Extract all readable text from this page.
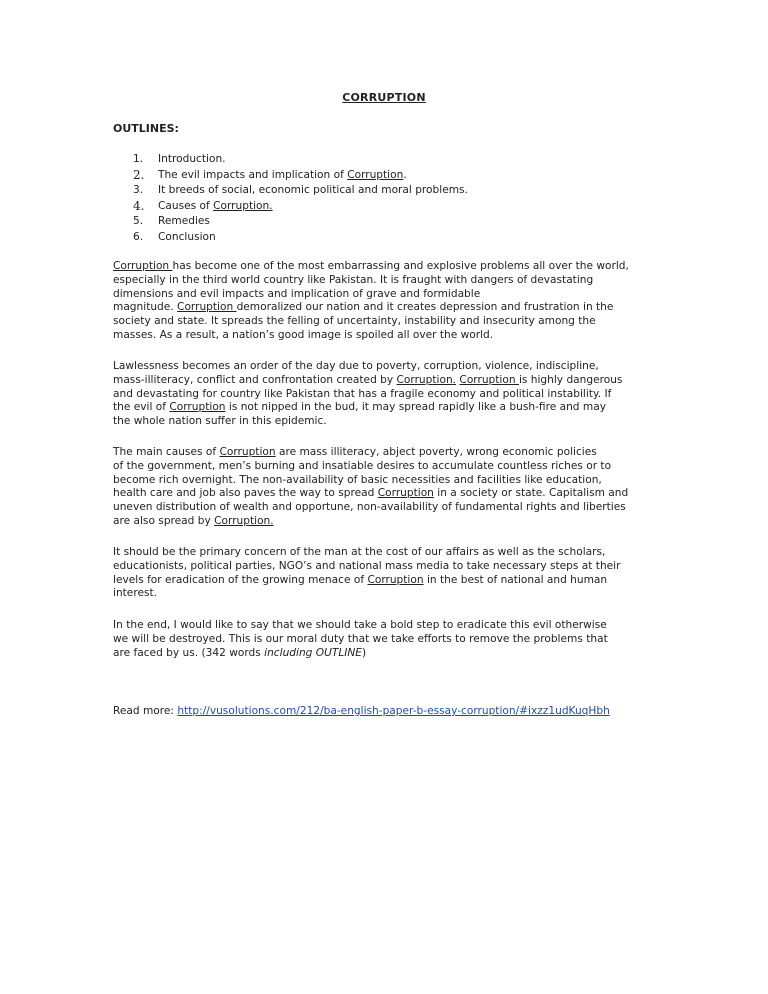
CORRUPTION
OUTLINES:
1.	Introduction.
2.	The evil impacts and implication of Corruption.
3.	It breeds of social, economic political and moral problems.
4.	Causes of Corruption.
5.	Remedies
6.	Conclusion

Corruption has become one of the most embarrassing and explosive problems all over the world,
especially in the third world country like Pakistan. It is fraught with dangers of devastating
dimensions and evil impacts and implication of grave and formidable
magnitude. Corruption demoralized our nation and it creates depression and frustration in the
society and state. It spreads the felling of uncertainty, instability and insecurity among the
masses. As a result, a nation’s good image is spoiled all over the world.

Lawlessness becomes an order of the day due to poverty, corruption, violence, indiscipline,
mass-illiteracy, conflict and confrontation created by Corruption. Corruption is highly dangerous
and devastating for country like Pakistan that has a fragile economy and political instability. If
the evil of Corruption is not nipped in the bud, it may spread rapidly like a bush-fire and may
the whole nation suffer in this epidemic.

The main causes of Corruption are mass illiteracy, abject poverty, wrong economic policies
of the government, men’s burning and insatiable desires to accumulate countless riches or to
become rich overnight. The non-availability of basic necessities and facilities like education,
health care and job also paves the way to spread Corruption in a society or state. Capitalism and
uneven distribution of wealth and opportune, non-availability of fundamental rights and liberties
are also spread by Corruption.

It should be the primary concern of the man at the cost of our affairs as well as the scholars,
educationists, political parties, NGO’s and national mass media to take necessary steps at their
levels for eradication of the growing menace of Corruption in the best of national and human
interest.

In the end, I would like to say that we should take a bold step to eradicate this evil otherwise
we will be destroyed. This is our moral duty that we take efforts to remove the problems that
are faced by us. (342 words including OUTLINE)

Read more: http://vusolutions.com/212/ba-english-paper-b-essay-corruption/#ixzz1udKuqHbh
